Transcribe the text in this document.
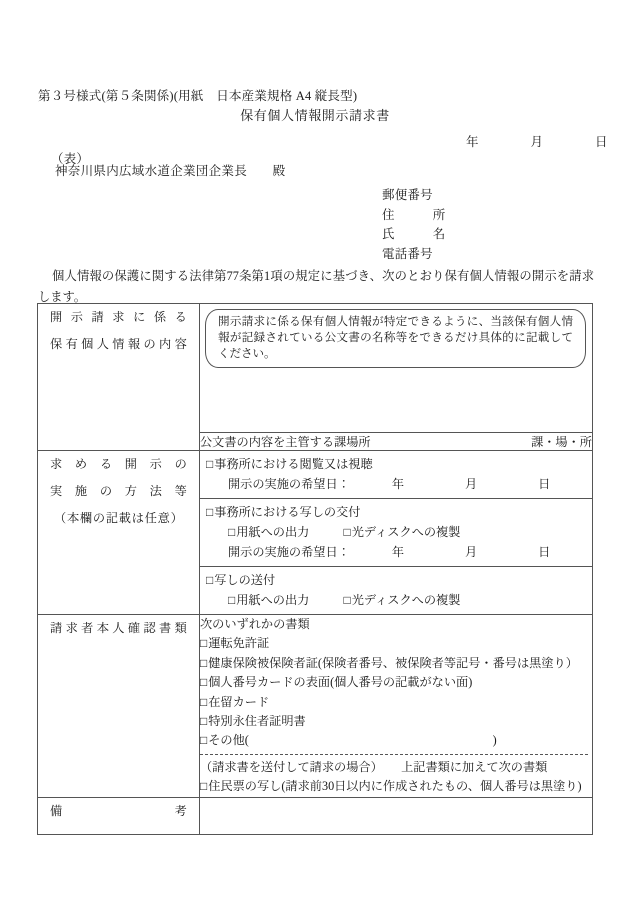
第３号様式(第５条関係)(用紙　日本産業規格 A4 縦長型)

（表）

保有個人情報開示請求書
年　　　　月　　　　日
神奈川県内広域水道企業団企業長　　殿
郵便番号
住　　　所
氏　　　名
電話番号
個人情報の保護に関する法律第77条第1項の規定に基づき、次のとおり保有個人情報の開示を請求します。
開示請求に係る
保有個人情報の内容

開示請求に係る保有個人情報が特定できるように、当該保有個人情報が記録されている公文書の名称等をできるだけ具体的に記載してください。

公文書の内容を主管する課場所	課・場・所

求める開示の
実施の方法等
（本欄の記載は任意）

□ 事務所における閲覧又は視聴
開示の実施の希望日：	年　　　　　月　　　　　日
□ 事務所における写しの交付
□ 用紙への出力 □	光ディスクへの複製
開示の実施の希望日：	年　　　　　月　　　　　日
□ 写しの送付
□ 用紙への出力 □	光ディスクへの複製

請求者本人確認書類	次のいずれかの書類
□ 運転免許証
□ 健康保険被保険者証(保険者番号、被保険者等記号・番号は黒塗り）
□ 個人番号カードの表面(個人番号の記載がない面)
□ 在留カード
□ 特別永住者証明書
□ その他(　　　　　　　　　　　　　　　　　　　　)
（請求書を送付して請求の場合）　　上記書類に加えて次の書類
□ 住民票の写し(請求前30日以内に作成されたもの、個人番号は黒塗り)

備　考
